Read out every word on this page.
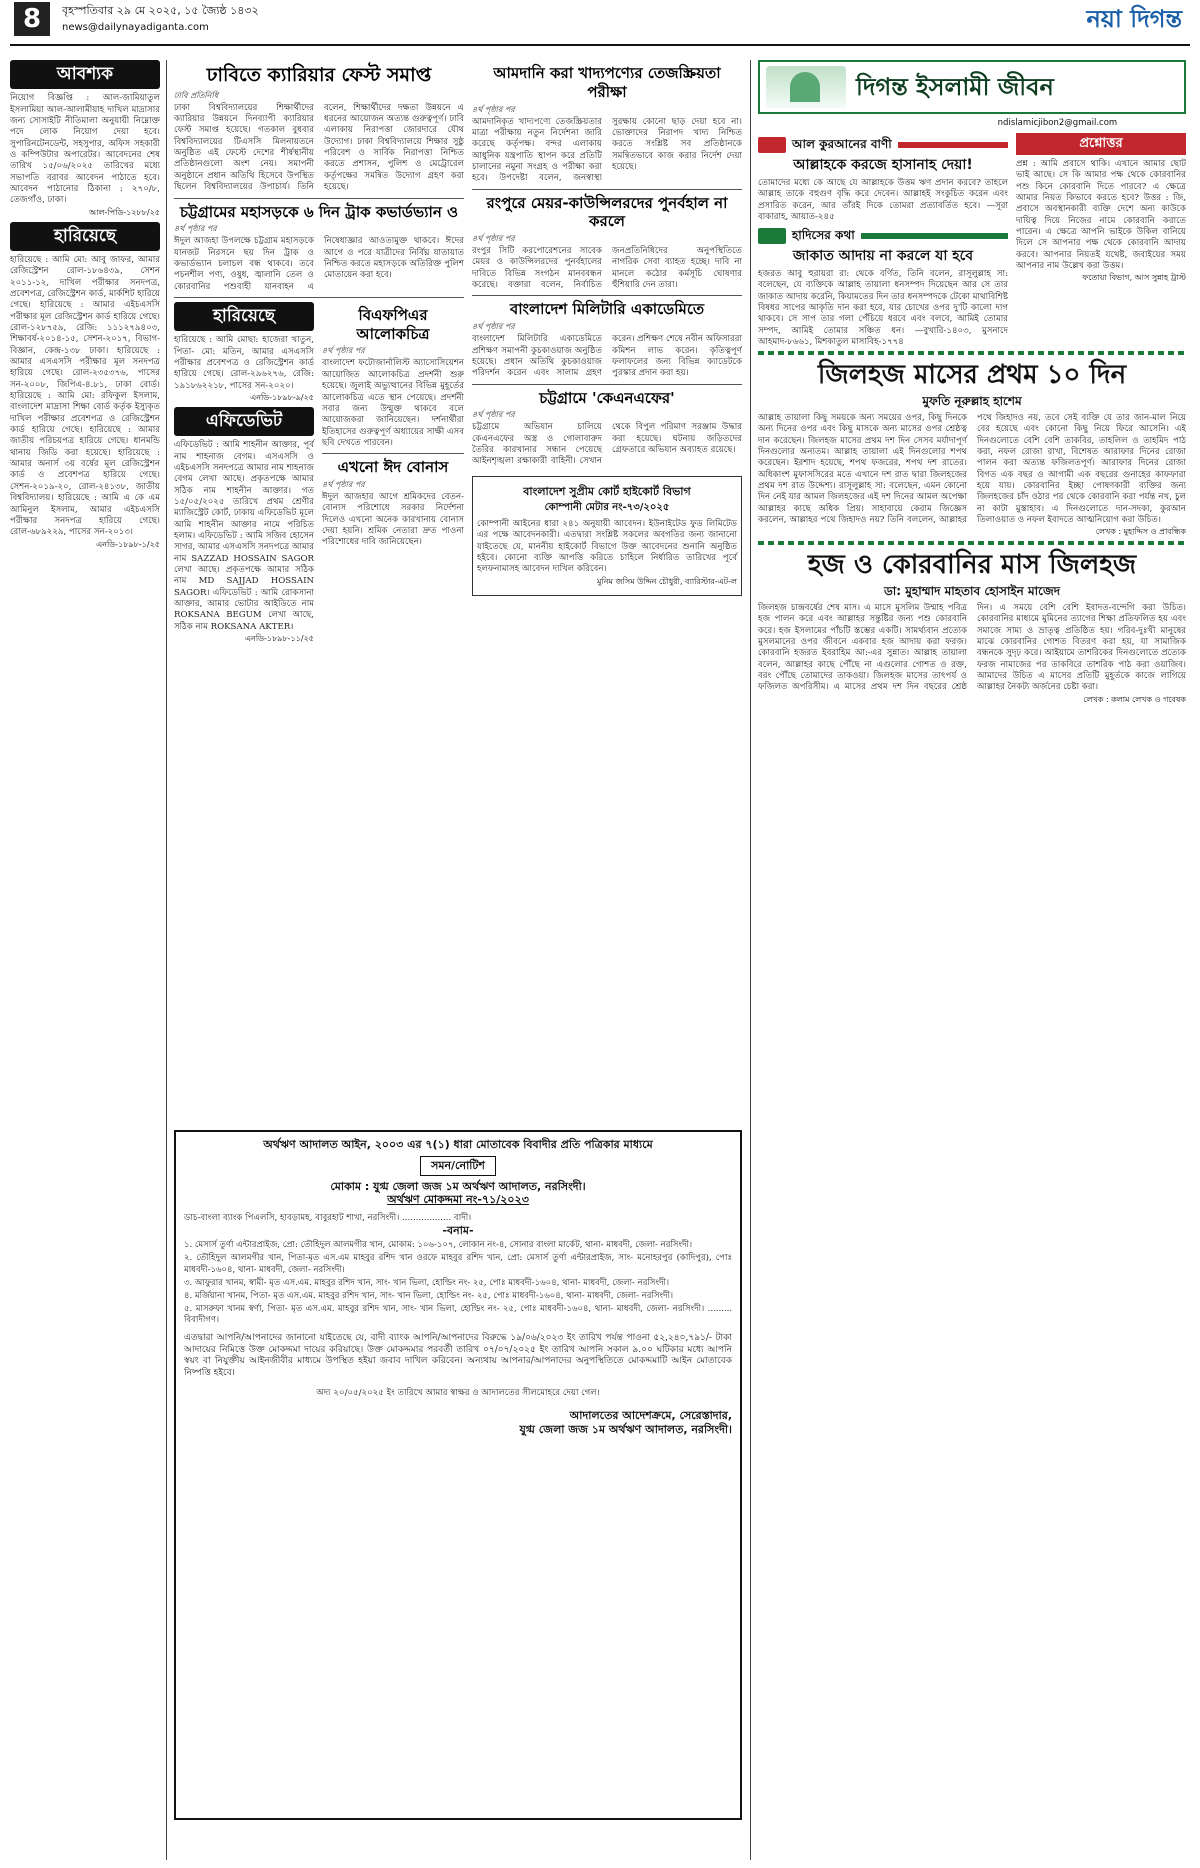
8	বৃহস্পতিবার ২৯ মে ২০২৫, ১৫ জ্যৈষ্ঠ ১৪৩২
news@dailynayadiganta.com	নয়া দিগন্ত
আবশ্যক
নিয়োগ বিজ্ঞপ্তি : আল-জামিয়াতুল ইসলামিয়া আল-আলামীয়াহ দাখিল মাদ্রাসার জন্য সোসাইটি নীতিমালা অনুযায়ী নিম্নোক্ত পদে লোক নিয়োগ দেয়া হবে। সুপারিনটেনডেন্ট, সহসুপার, অফিস সহকারী ও কম্পিউটার অপারেটর। আবেদনের শেষ তারিখ ১৫/০৬/২০২৫ তারিখের মধ্যে সভাপতি বরাবর আবেদন পাঠাতে হবে। আবেদন পাঠানোর ঠিকানা : ২৭০/৮, তেজগাঁও, ঢাকা।
আল-পিডি-১২৮৮/২৫
হারিয়েছে
হারিয়েছে : আমি মো: আবু জাফর, আমার রেজিস্ট্রেশন রোল-১৮৬৪৩৯, সেশন ২০১১-১২, দাখিল পরীক্ষার সনদপত্র, প্রবেশপত্র, রেজিস্ট্রেশন কার্ড, মার্কশিট হারিয়ে গেছে। হারিয়েছে : আমার এইচএসসি পরীক্ষার মূল রেজিস্ট্রেশন কার্ড হারিয়ে গেছে। রোল-১২৮৭৫৯, রেজি: ১১১২৭৯৪০৩, শিক্ষাবর্ষ-২০১৪-১৫, সেশন-২০১৭, বিভাগ-বিজ্ঞান, কেন্দ্র-১৩৮ ঢাকা। হারিয়েছে : আমার এসএসসি পরীক্ষার মূল সনদপত্র হারিয়ে গেছে। রোল-২৩৫৩৭৬, পাসের সন-২০০৮, জিপিএ-৪.৮১, ঢাকা বোর্ড। হারিয়েছে : আমি মো: রফিকুল ইসলাম, বাংলাদেশ মাদ্রাসা শিক্ষা বোর্ড কর্তৃক ইস্যুকৃত দাখিল পরীক্ষার প্রবেশপত্র ও রেজিস্ট্রেশন কার্ড হারিয়ে গেছে। হারিয়েছে : আমার জাতীয় পরিচয়পত্র হারিয়ে গেছে। ধানমন্ডি থানায় জিডি করা হয়েছে। হারিয়েছে : আমার অনার্স ৩য় বর্ষের মূল রেজিস্ট্রেশন কার্ড ও প্রবেশপত্র হারিয়ে গেছে। সেশন-২০১৯-২০, রোল-২৪১৩৮, জাতীয় বিশ্ববিদ্যালয়। হারিয়েছে : আমি এ কে এম আমিনুল ইসলাম, আমার এইচএসসি পরীক্ষার সনদপত্র হারিয়ে গেছে। রোল-৬৮৯২২৯, পাসের সন-২০১৩।
এনডি-১৮৯৮-১/২৫
ঢাবিতে ক্যারিয়ার ফেস্ট সমাপ্ত
ঢাবি প্রতিনিধি
ঢাকা বিশ্ববিদ্যালয়ের শিক্ষার্থীদের ক্যারিয়ার উন্নয়নে দিনব্যাপী ক্যারিয়ার ফেস্ট সমাপ্ত হয়েছে। গতকাল বুধবার বিশ্ববিদ্যালয়ের টিএসসি মিলনায়তনে অনুষ্ঠিত এই ফেস্টে দেশের শীর্ষস্থানীয় প্রতিষ্ঠানগুলো অংশ নেয়। সমাপনী অনুষ্ঠানে প্রধান অতিথি হিসেবে উপস্থিত ছিলেন বিশ্ববিদ্যালয়ের উপাচার্য। তিনি বলেন, শিক্ষার্থীদের দক্ষতা উন্নয়নে এ ধরনের আয়োজন অত্যন্ত গুরুত্বপূর্ণ। ঢাবি এলাকায় নিরাপত্তা জোরদারে যৌথ উদ্যোগ। ঢাকা বিশ্ববিদ্যালয়ে শিক্ষার সুষ্ঠু পরিবেশ ও সার্বিক নিরাপত্তা নিশ্চিত করতে প্রশাসন, পুলিশ ও মেট্রোরেল কর্তৃপক্ষের সমন্বিত উদ্যোগ গ্রহণ করা হয়েছে।
চট্টগ্রামের মহাসড়কে ৬ দিন ট্রাক কভার্ডভ্যান ও
৪র্থ পৃষ্ঠার পর
ঈদুল আজহা উপলক্ষে চট্টগ্রাম মহাসড়কে যানজট নিরসনে ছয় দিন ট্রাক ও কভার্ডভ্যান চলাচল বন্ধ থাকবে। তবে পচনশীল পণ্য, ওষুধ, জ্বালানি তেল ও কোরবানির পশুবাহী যানবাহন এ নিষেধাজ্ঞার আওতামুক্ত থাকবে। ঈদের আগে ও পরে যাত্রীদের নির্বিঘ্ন যাতায়াত নিশ্চিত করতে মহাসড়কে অতিরিক্ত পুলিশ মোতায়েন করা হবে।
হারিয়েছে
হারিয়েছে : আমি মোছা: হাজেরা খাতুন, পিতা- মো: মতিন, আমার এসএসসি পরীক্ষার প্রবেশপত্র ও রেজিস্ট্রেশন কার্ড হারিয়ে গেছে। রোল-২৯৬২৭৬, রেজি: ১৯১৮৬২২১৮, পাসের সন-২০২০।
এনডি-১৮৯৮-৯/২৫
এফিডেভিট
এফিডেভিট : আমি শাহনীন আক্তার, পূর্ব নাম শাহনাজ বেগম। এসএসসি ও এইচএসসি সনদপত্রে আমার নাম শাহনাজ বেগম লেখা আছে। প্রকৃতপক্ষে আমার সঠিক নাম শাহনীন আক্তার। গত ১৫/০৫/২০২৫ তারিখে প্রথম শ্রেণীর ম্যাজিস্ট্রেট কোর্ট, ঢাকায় এফিডেভিট মূলে আমি শাহনীন আক্তার নামে পরিচিত হলাম। এফিডেভিট : আমি সজিব হোসেন সাগর, আমার এসএসসি সনদপত্রে আমার নাম SAZZAD HOSSAIN SAGOR লেখা আছে। প্রকৃতপক্ষে আমার সঠিক নাম MD SAJJAD HOSSAIN SAGOR। এফিডেভিট : আমি রোকসানা আক্তার, আমার ভোটার আইডিতে নাম ROKSANA BEGUM লেখা আছে, সঠিক নাম ROKSANA AKTER।
এনডি-১৮৯৮-১১/২৫
বিএফপিএর আলোকচিত্র
৪র্থ পৃষ্ঠার পর
বাংলাদেশ ফটোজার্নালিস্ট অ্যাসোসিয়েশন আয়োজিত আলোকচিত্র প্রদর্শনী শুরু হয়েছে। জুলাই অভ্যুত্থানের বিভিন্ন মুহূর্তের আলোকচিত্র এতে স্থান পেয়েছে। প্রদর্শনী সবার জন্য উন্মুক্ত থাকবে বলে আয়োজকরা জানিয়েছেন। দর্শনার্থীরা ইতিহাসের গুরুত্বপূর্ণ অধ্যায়ের সাক্ষী এসব ছবি দেখতে পারবেন।
এখনো ঈদ বোনাস
৪র্থ পৃষ্ঠার পর
ঈদুল আজহার আগে শ্রমিকদের বেতন-বোনাস পরিশোধে সরকার নির্দেশনা দিলেও এখনো অনেক কারখানায় বোনাস দেয়া হয়নি। শ্রমিক নেতারা দ্রুত পাওনা পরিশোধের দাবি জানিয়েছেন।
আমদানি করা খাদ্যপণ্যের তেজস্ক্রিয়তা পরীক্ষা
৪র্থ পৃষ্ঠার পর
আমদানিকৃত খাদ্যপণ্যে তেজস্ক্রিয়তার মাত্রা পরীক্ষায় নতুন নির্দেশনা জারি করেছে কর্তৃপক্ষ। বন্দর এলাকায় আধুনিক যন্ত্রপাতি স্থাপন করে প্রতিটি চালানের নমুনা সংগ্রহ ও পরীক্ষা করা হবে। উপদেষ্টা বলেন, জনস্বাস্থ্য সুরক্ষায় কোনো ছাড় দেয়া হবে না। ভোক্তাদের নিরাপদ খাদ্য নিশ্চিত করতে সংশ্লিষ্ট সব প্রতিষ্ঠানকে সমন্বিতভাবে কাজ করার নির্দেশ দেয়া হয়েছে।
রংপুরে মেয়র-কাউন্সিলরদের পুনর্বহাল না করলে
৪র্থ পৃষ্ঠার পর
রংপুর সিটি করপোরেশনের সাবেক মেয়র ও কাউন্সিলরদের পুনর্বহালের দাবিতে বিভিন্ন সংগঠন মানববন্ধন করেছে। বক্তারা বলেন, নির্বাচিত জনপ্রতিনিধিদের অনুপস্থিতিতে নাগরিক সেবা ব্যাহত হচ্ছে। দাবি না মানলে কঠোর কর্মসূচি ঘোষণার হুঁশিয়ারি দেন তারা।
বাংলাদেশ মিলিটারি একাডেমিতে
৪র্থ পৃষ্ঠার পর
বাংলাদেশ মিলিটারি একাডেমিতে প্রশিক্ষণ সমাপনী কুচকাওয়াজ অনুষ্ঠিত হয়েছে। প্রধান অতিথি কুচকাওয়াজ পরিদর্শন করেন এবং সালাম গ্রহণ করেন। প্রশিক্ষণ শেষে নবীন অফিসাররা কমিশন লাভ করেন। কৃতিত্বপূর্ণ ফলাফলের জন্য বিভিন্ন ক্যাডেটকে পুরস্কার প্রদান করা হয়।
চট্টগ্রামে 'কেএনএফের'
৪র্থ পৃষ্ঠার পর
চট্টগ্রামে অভিযান চালিয়ে কেএনএফের অস্ত্র ও গোলাবারুদ তৈরির কারখানার সন্ধান পেয়েছে আইনশৃঙ্খলা রক্ষাকারী বাহিনী। সেখান থেকে বিপুল পরিমাণ সরঞ্জাম উদ্ধার করা হয়েছে। ঘটনায় জড়িতদের গ্রেফতারে অভিযান অব্যাহত রয়েছে।
বাংলাদেশ সুপ্রীম কোর্ট হাইকোর্ট বিভাগ
কোম্পানী মেটার নং-৭৩/২০২৫
কোম্পানী আইনের ধারা ২৪১ অনুযায়ী আবেদন। ইউনাইটেড ফুড লিমিটেড এর পক্ষে আবেদনকারী। এতদ্বারা সংশ্লিষ্ট সকলের অবগতির জন্য জানানো যাইতেছে যে, মাননীয় হাইকোর্ট বিভাগে উক্ত আবেদনের শুনানি অনুষ্ঠিত হইবে। কোনো ব্যক্তি আপত্তি করিতে চাহিলে নির্ধারিত তারিখের পূর্বে হলফনামাসহ আবেদন দাখিল করিবেন।
মুনিম জসিম উদ্দিন চৌধুরী, ব্যারিস্টার-এট-ল
অর্থঋণ আদালত আইন, ২০০৩ এর ৭(১) ধারা মোতাবেক বিবাদীর প্রতি পত্রিকার মাধ্যমে
সমন/নোটিশ
মোকাম : যুগ্ম জেলা জজ ১ম অর্থঋণ আদালত, নরসিংদী।
অর্থঋণ মোকদ্দমা নং-৭১/২০২৩
ডাচ-বাংলা ব্যাংক পিএলসি, হাবড়ামহ, বাবুরহাট শাখা, নরসিংদী। .................. বাদী।
-বনাম-
১. মেসার্স তুর্ণা এন্টারপ্রাইজ, প্রো: তৌহিদুল আলমগীর খান, মোকাম: ১০৬-১০৭, লোকান নং-৪, সোনার বাংলা মার্কেট, থানা- মাধবদী, জেলা- নরসিংদী।
২. তৌহিদুল আলমগীর খান, পিতা-মৃত এস.এম মাহবুর রশিদ খান ওরফে মাহবুর রশিদ খান, প্রো: মেসার্স তুর্ণা এন্টারপ্রাইজ, সাং- মনোহরপুর (কাদিপুর), পোঃ মাধবদী-১৬০৪, থানা- মাধবদী, জেলা- নরসিংদী।
৩. আফুরার খানম, স্বামী- মৃত এস.এম. মাহবুর রশিদ খান, সাং- খান ভিলা, হোল্ডিং নং- ২৫, পোঃ মাধবদী-১৬০৪, থানা- মাধবদী, জেলা- নরসিংদী।
৪. মর্জিয়ানা খানম, পিতা- মৃত এস.এম. মাহবুর রশিদ খান, সাং- খান ভিলা, হোল্ডিং নং- ২৫, পোঃ মাধবদী-১৬০৪, থানা- মাধবদী, জেলা- নরসিংদী।
৫. মাসরুফা খানম স্বর্ণা, পিতা- মৃত এস.এম. মাহবুর রশিদ খান, সাং- খান ভিলা, হোল্ডিং নং- ২৫, পোঃ মাধবদী-১৬০৪, থানা- মাধবদী, জেলা- নরসিংদী। ......... বিবাদীগণ।
এতদ্বারা আপনি/আপনাদের জানানো যাইতেছে যে, বাদী ব্যাংক আপনি/আপনাদের বিরুদ্ধে ১৯/০৬/২০২৩ ইং তারিখ পর্যন্ত পাওনা ৫২,২৪০,৭৯১/- টাকা আদায়ের নিমিত্তে উক্ত মোকদ্দমা দায়ের করিয়াছে। উক্ত মোকদ্দমার পরবর্তী তারিখ ০৭/০৭/২০২৫ ইং তারিখ আপনি সকাল ৯.০০ ঘটিকার মধ্যে আপনি স্বয়ং বা নিযুক্তীয় আইনজীবীর মাধ্যমে উপস্থিত হইয়া জবাব দাখিল করিবেন। অন্যথায় আপনার/আপনাদের অনুপস্থিতিতে মোকদ্দমাটি আইন মোতাবেক নিষ্পত্তি হইবে।
অদ্য ২০/০৫/২০২৫ ইং তারিখে আমার স্বাক্ষর ও আদালতের সীলমোহরে দেয়া গেল।
আদালতের আদেশক্রমে, সেরেস্তাদার,
যুগ্ম জেলা জজ ১ম অর্থঋণ আদালত, নরসিংদী।
দিগন্ত ইসলামী জীবন
ndislamicjibon2@gmail.com
আল কুরআনের বাণী
আল্লাহকে করজে হাসানাহ দেয়া!
তোমাদের মধ্যে কে আছে যে আল্লাহকে উত্তম ঋণ প্রদান করবে? তাহলে আল্লাহ তাকে বহুগুণ বৃদ্ধি করে দেবেন। আল্লাহই সংকুচিত করেন এবং প্রসারিত করেন, আর তাঁরই দিকে তোমরা প্রত্যাবর্তিত হবে। —সূরা বাকারাহ, আয়াত-২৪৫
হাদিসের কথা
জাকাত আদায় না করলে যা হবে
হজরত আবু হুরায়রা রা: থেকে বর্ণিত, তিনি বলেন, রাসূলুল্লাহ সা: বলেছেন, যে ব্যক্তিকে আল্লাহ তায়ালা ধনসম্পদ দিয়েছেন আর সে তার জাকাত আদায় করেনি, কিয়ামতের দিন তার ধনসম্পদকে টেকো মাথাবিশিষ্ট বিষধর সাপের আকৃতি দান করা হবে, যার চোখের ওপর দু'টি কালো দাগ থাকবে। সে সাপ তার গলা পেঁচিয়ে ধরবে এবং বলবে, আমিই তোমার সম্পদ, আমিই তোমার সঞ্চিত ধন। —বুখারি-১৪০৩, মুসনাদে আহমাদ-৮৬৬১, মিশকাতুল মাসাবিহ-১৭৭৪
প্রশ্নোত্তর
প্রশ্ন : আমি প্রবাসে থাকি। এখানে আমার ছোট ভাই আছে। সে কি আমার পক্ষ থেকে কোরবানির পশু কিনে কোরবানি দিতে পারবে? এ ক্ষেত্রে আমার নিয়ত কিভাবে করতে হবে? উত্তর : জি, প্রবাসে অবস্থানকারী ব্যক্তি দেশে অন্য কাউকে দায়িত্ব দিয়ে নিজের নামে কোরবানি করাতে পারেন। এ ক্ষেত্রে আপনি ভাইকে উকিল বানিয়ে দিলে সে আপনার পক্ষ থেকে কোরবানি আদায় করবে। আপনার নিয়তই যথেষ্ট, জবাইয়ের সময় আপনার নাম উল্লেখ করা উত্তম।
ফতোয়া বিভাগ, আস সুন্নাহ ট্রাস্ট
জিলহজ মাসের প্রথম ১০ দিন
মুফতি নূরুল্লাহ হাশেম
আল্লাহ তায়ালা কিছু সময়কে অন্য সময়ের ওপর, কিছু দিনকে অন্য দিনের ওপর এবং কিছু মাসকে অন্য মাসের ওপর শ্রেষ্ঠত্ব দান করেছেন। জিলহজ মাসের প্রথম দশ দিন সেসব মর্যাদাপূর্ণ দিনগুলোর অন্যতম। আল্লাহ তায়ালা এই দিনগুলোর শপথ করেছেন। ইরশাদ হয়েছে, শপথ ফজরের, শপথ দশ রাতের। অধিকাংশ মুফাসসিরের মতে এখানে দশ রাত দ্বারা জিলহজের প্রথম দশ রাত উদ্দেশ্য। রাসূলুল্লাহ সা: বলেছেন, এমন কোনো দিন নেই যার আমল জিলহজের এই দশ দিনের আমল অপেক্ষা আল্লাহর কাছে অধিক প্রিয়। সাহাবায়ে কেরাম জিজ্ঞেস করলেন, আল্লাহর পথে জিহাদও নয়? তিনি বললেন, আল্লাহর পথে জিহাদও নয়, তবে সেই ব্যক্তি যে তার জান-মাল নিয়ে বের হয়েছে এবং কোনো কিছু নিয়ে ফিরে আসেনি। এই দিনগুলোতে বেশি বেশি তাকবির, তাহলিল ও তাহমিদ পাঠ করা, নফল রোজা রাখা, বিশেষত আরাফার দিনের রোজা পালন করা অত্যন্ত ফজিলতপূর্ণ। আরাফার দিনের রোজা বিগত এক বছর ও আগামী এক বছরের গুনাহের কাফফারা হয়ে যায়। কোরবানির ইচ্ছা পোষণকারী ব্যক্তির জন্য জিলহজের চাঁদ ওঠার পর থেকে কোরবানি করা পর্যন্ত নখ, চুল না কাটা মুস্তাহাব। এ দিনগুলোতে দান-সদকা, কুরআন তিলাওয়াত ও নফল ইবাদতে আত্মনিয়োগ করা উচিত।
লেখক : মুহাদ্দিস ও প্রাবন্ধিক
হজ ও কোরবানির মাস জিলহজ
ডা: মুহাম্মাদ মাহতাব হোসাইন মাজেদ
জিলহজ চান্দ্রবর্ষের শেষ মাস। এ মাসে মুসলিম উম্মাহ পবিত্র হজ পালন করে এবং আল্লাহর সন্তুষ্টির জন্য পশু কোরবানি করে। হজ ইসলামের পাঁচটি স্তম্ভের একটি। সামর্থ্যবান প্রত্যেক মুসলমানের ওপর জীবনে একবার হজ আদায় করা ফরজ। কোরবানি হজরত ইবরাহিম আ:-এর সুন্নাত। আল্লাহ তায়ালা বলেন, আল্লাহর কাছে পৌঁছে না এগুলোর গোশত ও রক্ত, বরং পৌঁছে তোমাদের তাকওয়া। জিলহজ মাসের তাৎপর্য ও ফজিলত অপরিসীম। এ মাসের প্রথম দশ দিন বছরের শ্রেষ্ঠ দিন। এ সময়ে বেশি বেশি ইবাদত-বন্দেগি করা উচিত। কোরবানির মাধ্যমে মুমিনের ত্যাগের শিক্ষা প্রতিফলিত হয় এবং সমাজে সাম্য ও ভ্রাতৃত্ব প্রতিষ্ঠিত হয়। গরিব-দুঃখী মানুষের মাঝে কোরবানির গোশত বিতরণ করা হয়, যা সামাজিক বন্ধনকে সুদৃঢ় করে। আইয়ামে তাশরিকের দিনগুলোতে প্রত্যেক ফরজ নামাজের পর তাকবিরে তাশরিক পাঠ করা ওয়াজিব। আমাদের উচিত এ মাসের প্রতিটি মুহূর্তকে কাজে লাগিয়ে আল্লাহর নৈকট্য অর্জনের চেষ্টা করা।
লেখক : কলাম লেখক ও গবেষক
